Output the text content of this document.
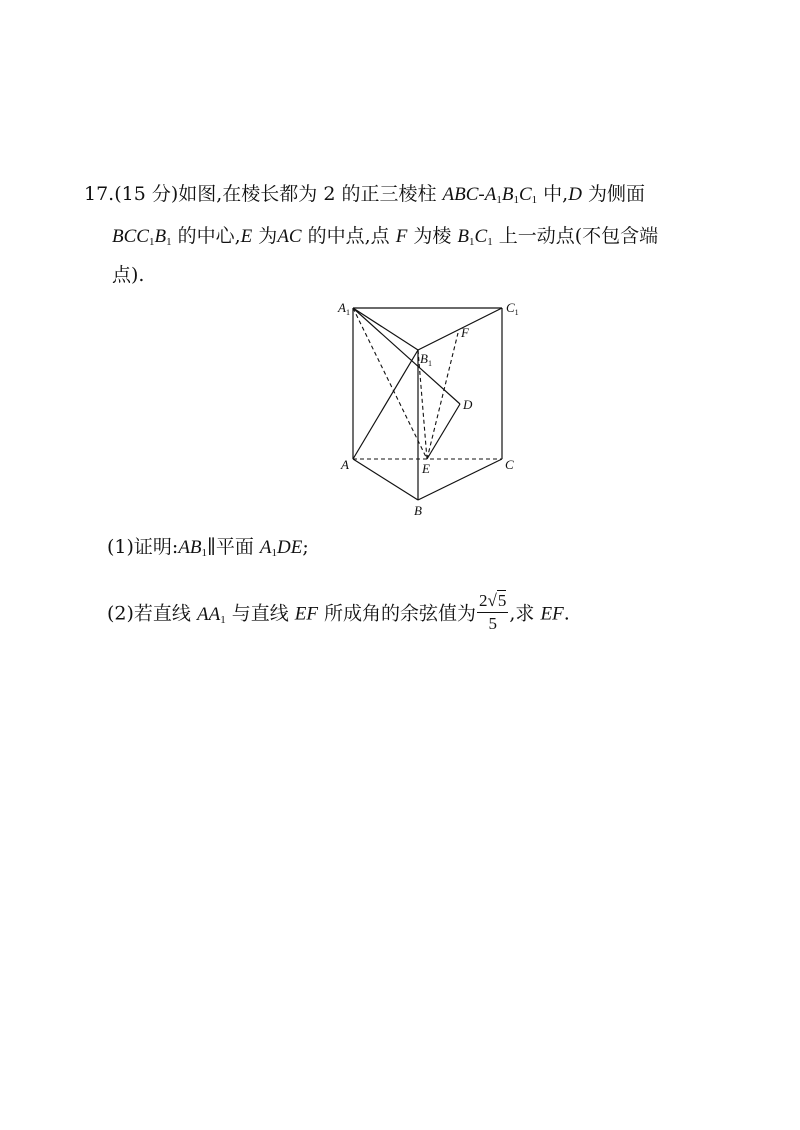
17.(15 分)如图,在棱长都为 2 的正三棱柱 ABC-$A_1B_1C_1$ 中,D 为侧面
$BCC_1B_1$ 的中心,E 为AC 的中点,点 F 为棱 $B_1C_1$ 上一动点(不包含端
点).
$A_1$	$C_1$
$B_1$
F
D
A	E	C
B
(1)证明$:AB_1\parallel$平面 $A_1DE$;
(2)若直线 $AA_1$ 与直线 EF 所成角的余弦值为 $\frac{2√5}{5}$ ,求 EF.
